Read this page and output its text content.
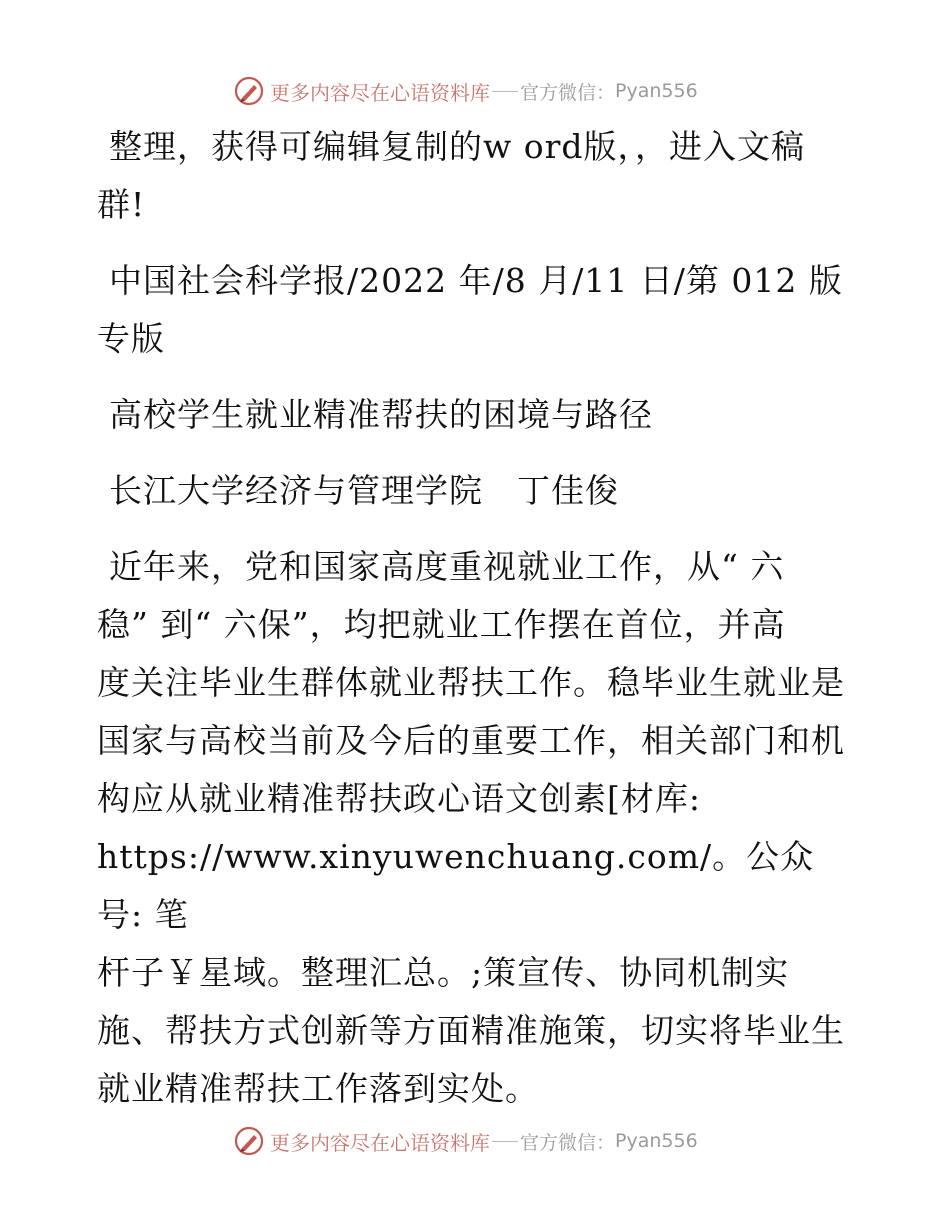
更多内容尽在心语资料库 官方微信： Pyan556

整理，获得可编辑复制的w ord版，，进入文稿

群!

中国社会科学报/2022 年/8 月/11 日/第 012 版

专版

高校学生就业精准帮扶的困境与路径

长江大学经济与管理学院　丁佳俊

近年来，党和国家高度重视就业工作，从“ 六

稳” 到“ 六保”，均把就业工作摆在首位，并高

度关注毕业生群体就业帮扶工作。稳毕业生就业是

国家与高校当前及今后的重要工作，相关部门和机

构应从就业精准帮扶政心语文创素[材库:

https://www.xinyuwenchuang.com/。公众号: 笔

杆子￥星域。整理汇总。;策宣传、协同机制实

施、帮扶方式创新等方面精准施策，切实将毕业生

就业精准帮扶工作落到实处。

更多内容尽在心语资料库 官方微信： Pyan556
